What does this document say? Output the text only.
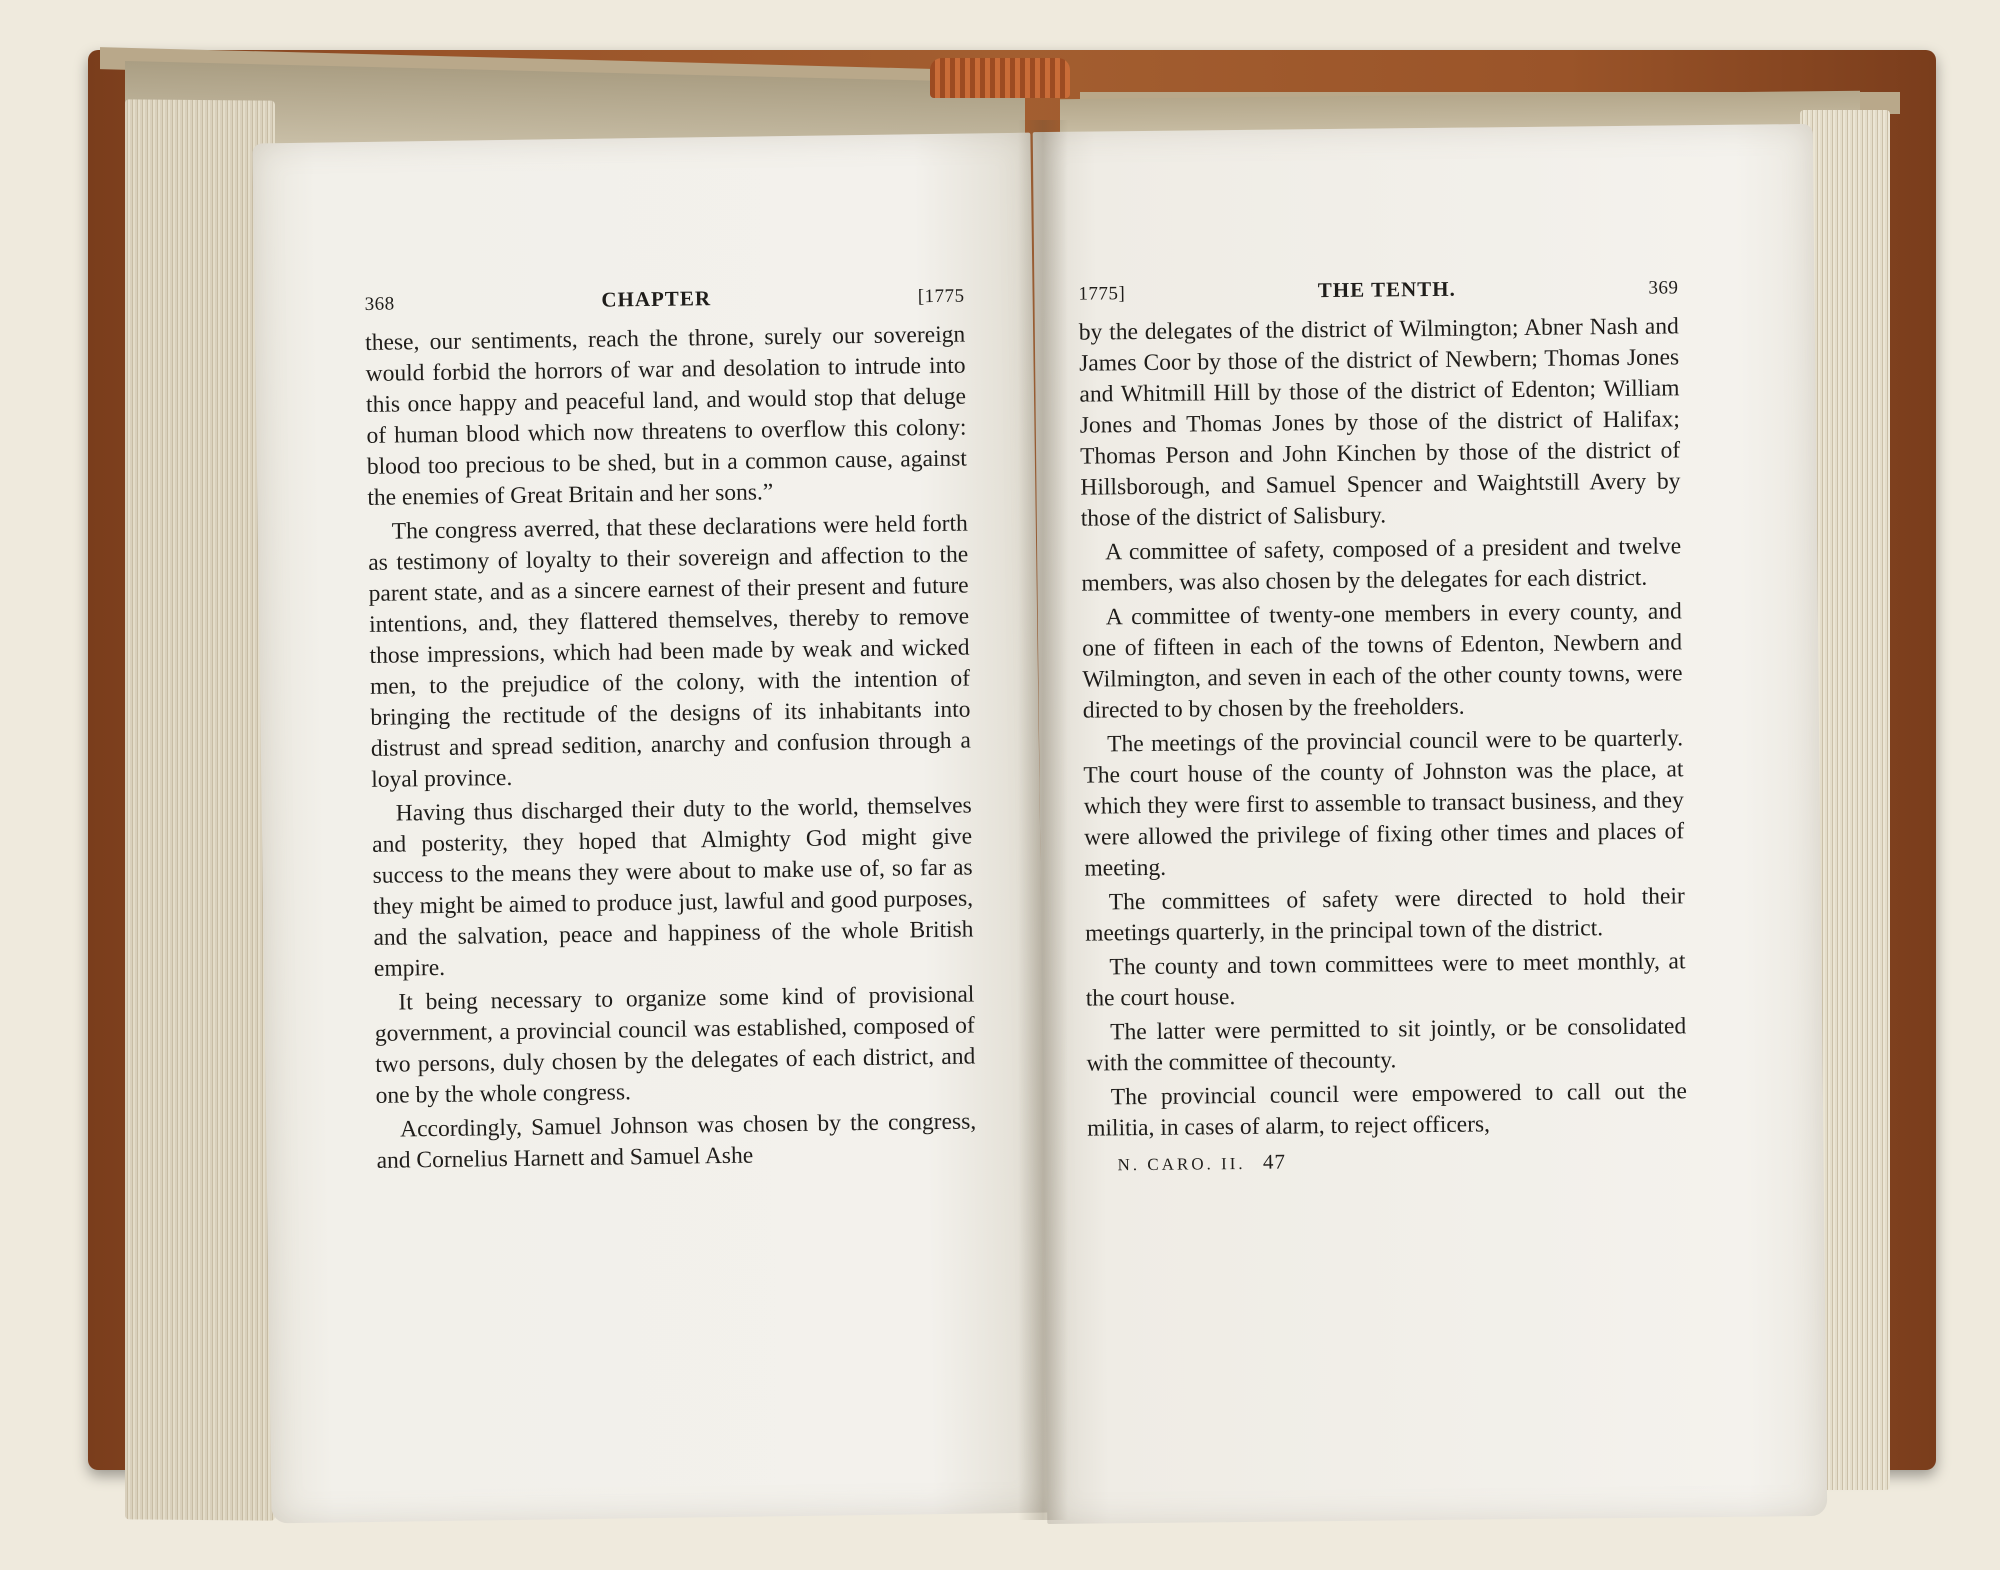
368	CHAPTER	[1775

these, our sentiments, reach the throne, surely our sovereign would forbid the horrors of war and desolation to intrude into this once happy and peaceful land, and would stop that deluge of human blood which now threatens to overflow this colony: blood too precious to be shed, but in a common cause, against the enemies of Great Britain and her sons.”

The congress averred, that these declarations were held forth as testimony of loyalty to their sovereign and affection to the parent state, and as a sincere earnest of their present and future intentions, and, they flattered themselves, thereby to remove those impressions, which had been made by weak and wicked men, to the prejudice of the colony, with the intention of bringing the rectitude of the designs of its inhabitants into distrust and spread sedition, anarchy and confusion through a loyal province.

Having thus discharged their duty to the world, themselves and posterity, they hoped that Almighty God might give success to the means they were about to make use of, so far as they might be aimed to produce just, lawful and good purposes, and the salvation, peace and happiness of the whole British empire.

It being necessary to organize some kind of provisional government, a provincial council was established, composed of two persons, duly chosen by the delegates of each district, and one by the whole congress.

Accordingly, Samuel Johnson was chosen by the congress, and Cornelius Harnett and Samuel Ashe

1775]	THE TENTH.	369

by the delegates of the district of Wilmington; Abner Nash and James Coor by those of the district of Newbern; Thomas Jones and Whitmill Hill by those of the district of Edenton; William Jones and Thomas Jones by those of the district of Halifax; Thomas Person and John Kinchen by those of the district of Hillsborough, and Samuel Spencer and Waightstill Avery by those of the district of Salisbury.

A committee of safety, composed of a president and twelve members, was also chosen by the delegates for each district.

A committee of twenty-one members in every county, and one of fifteen in each of the towns of Edenton, Newbern and Wilmington, and seven in each of the other county towns, were directed to by chosen by the freeholders.

The meetings of the provincial council were to be quarterly. The court house of the county of Johnston was the place, at which they were first to assemble to transact business, and they were allowed the privilege of fixing other times and places of meeting.

The committees of safety were directed to hold their meetings quarterly, in the principal town of the district.

The county and town committees were to meet monthly, at the court house.

The latter were permitted to sit jointly, or be consolidated with the committee of thecounty.

The provincial council were empowered to call out the militia, in cases of alarm, to reject officers,

N. CARO. II. 47
